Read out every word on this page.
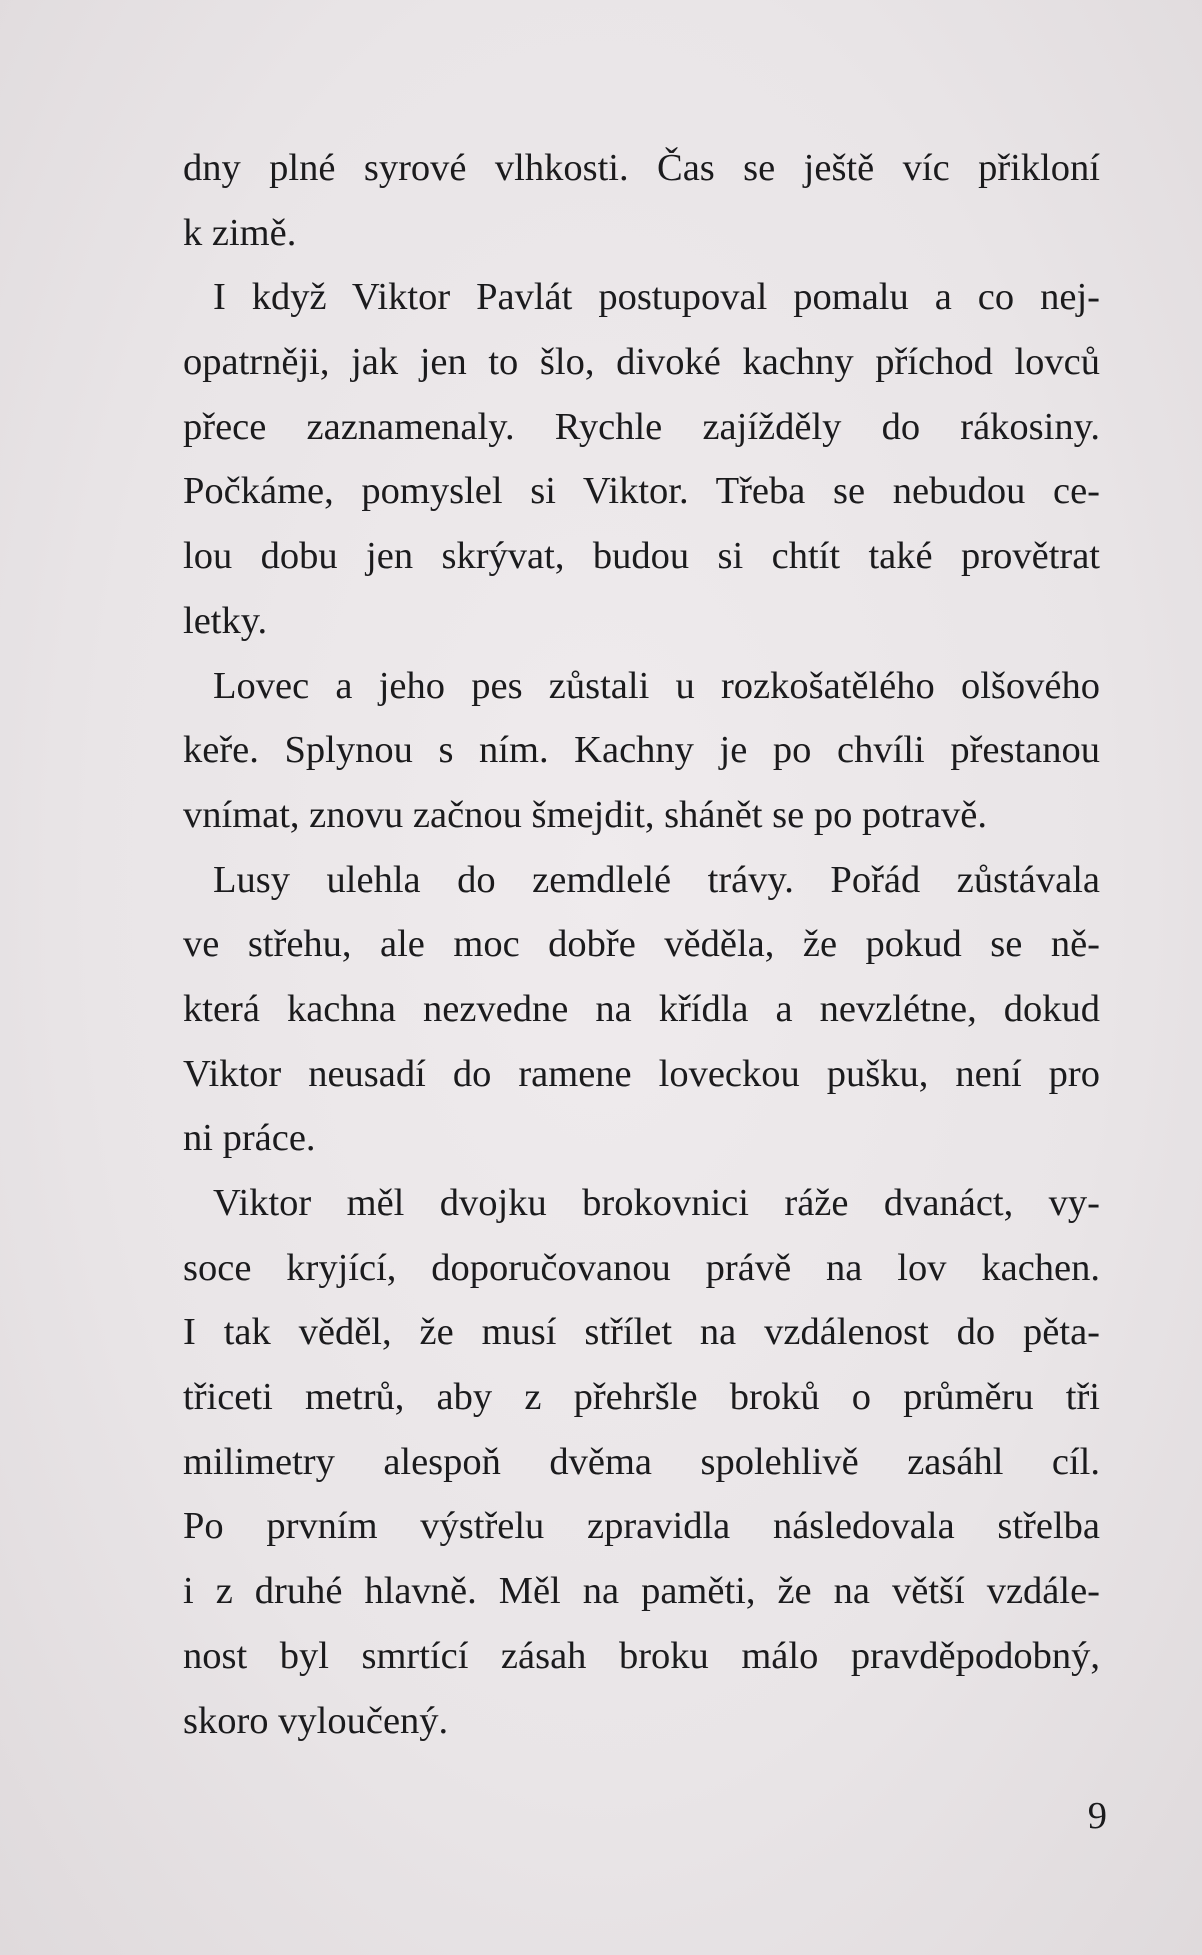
dny plné syrové vlhkosti. Čas se ještě víc přikloní
k zimě.
I když Viktor Pavlát postupoval pomalu a co nej-
opatrněji, jak jen to šlo, divoké kachny příchod lovců
přece zaznamenaly. Rychle zajížděly do rákosiny.
Počkáme, pomyslel si Viktor. Třeba se nebudou ce-
lou dobu jen skrývat, budou si chtít také provětrat
letky.
Lovec a jeho pes zůstali u rozkošatělého olšového
keře. Splynou s ním. Kachny je po chvíli přestanou
vnímat, znovu začnou šmejdit, shánět se po potravě.
Lusy ulehla do zemdlelé trávy. Pořád zůstávala
ve střehu, ale moc dobře věděla, že pokud se ně-
která kachna nezvedne na křídla a nevzlétne, dokud
Viktor neusadí do ramene loveckou pušku, není pro
ni práce.
Viktor měl dvojku brokovnici ráže dvanáct, vy-
soce kryjící, doporučovanou právě na lov kachen.
I tak věděl, že musí střílet na vzdálenost do pěta-
třiceti metrů, aby z přehršle broků o průměru tři
milimetry alespoň dvěma spolehlivě zasáhl cíl.
Po prvním výstřelu zpravidla následovala střelba
i z druhé hlavně. Měl na paměti, že na větší vzdále-
nost byl smrtící zásah broku málo pravděpodobný,
skoro vyloučený.
9
